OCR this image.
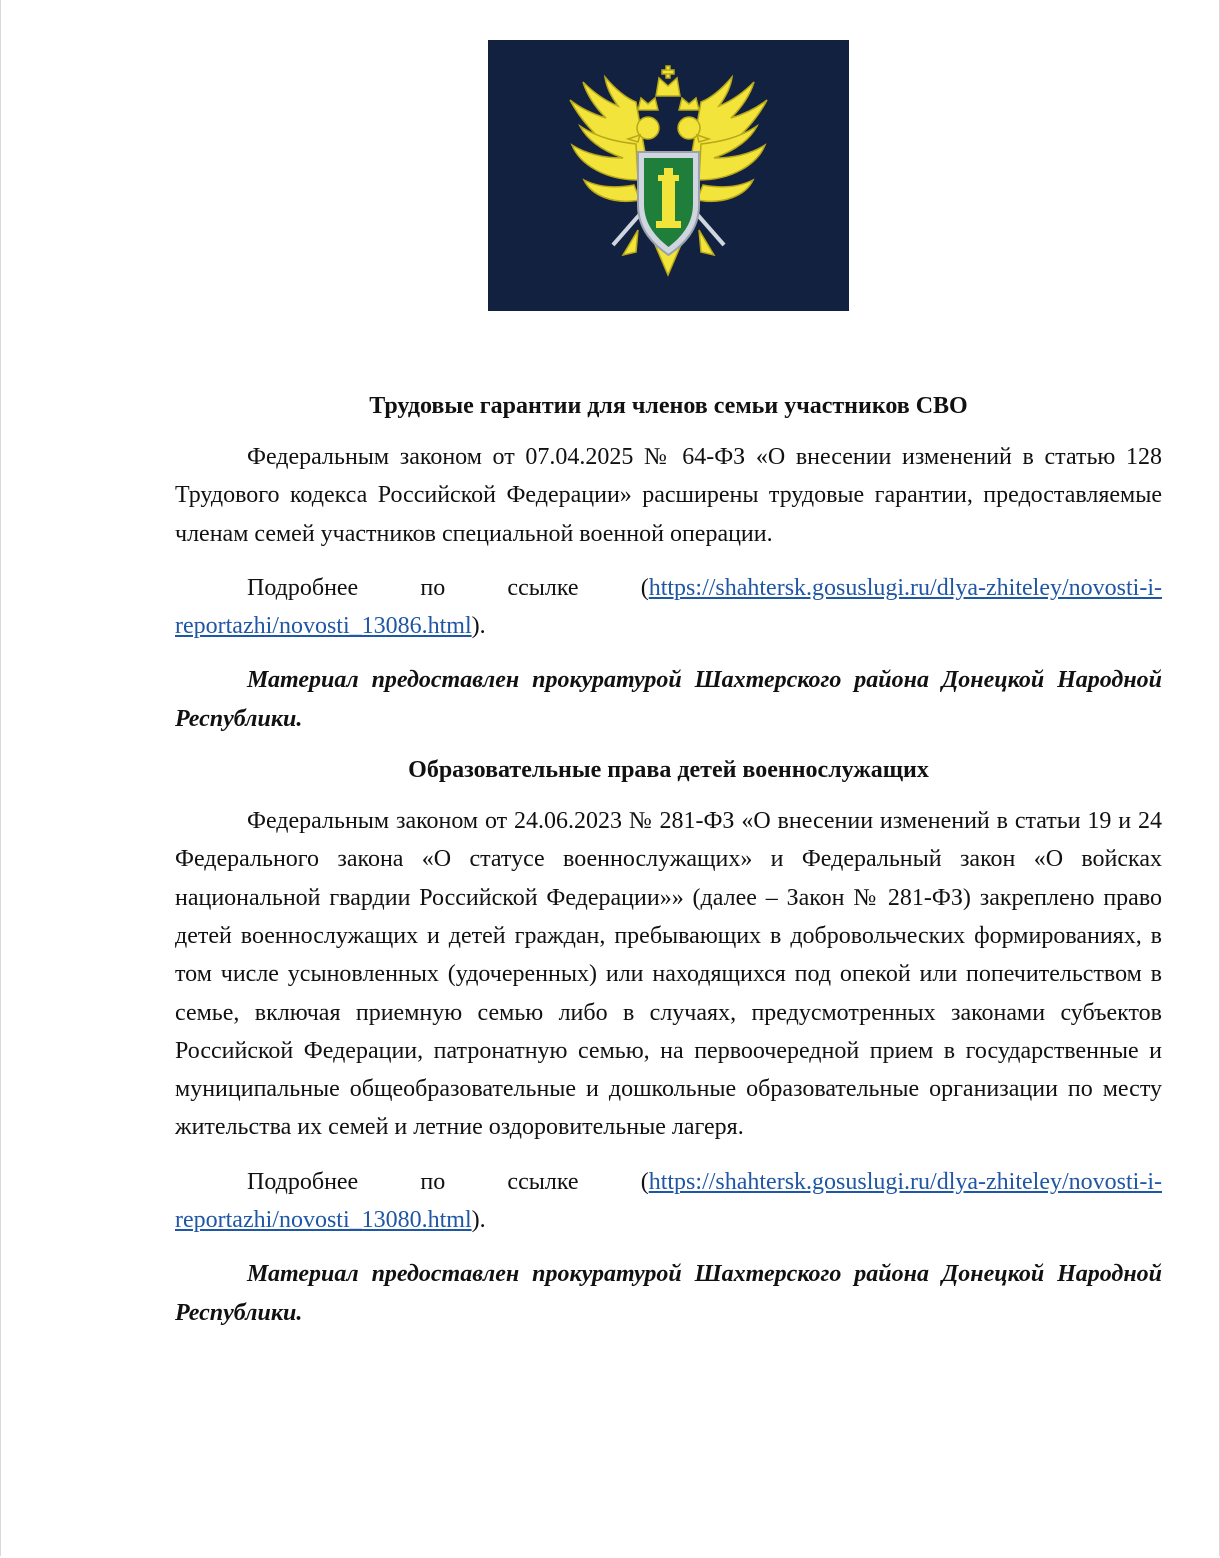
Трудовые гарантии для членов семьи участников СВО

Федеральным законом от 07.04.2025 № 64-ФЗ «О внесении изменений в статью 128 Трудового кодекса Российской Федерации» расширены трудовые гарантии, предоставляемые членам семей участников специальной военной операции.

Подробнее по ссылке (https://shahtersk.gosuslugi.ru/dlya-zhiteley/novosti-i-reportazhi/novosti_13086.html).

Материал предоставлен прокуратурой Шахтерского района Донецкой Народной Республики.

Образовательные права детей военнослужащих

Федеральным законом от 24.06.2023 № 281-ФЗ «О внесении изменений в статьи 19 и 24 Федерального закона «О статусе военнослужащих» и Федеральный закон «О войсках национальной гвардии Российской Федерации»» (далее – Закон № 281-ФЗ) закреплено право детей военнослужащих и детей граждан, пребывающих в добровольческих формированиях, в том числе усыновленных (удочеренных) или находящихся под опекой или попечительством в семье, включая приемную семью либо в случаях, предусмотренных законами субъектов Российской Федерации, патронатную семью, на первоочередной прием в государственные и муниципальные общеобразовательные и дошкольные образовательные организации по месту жительства их семей и летние оздоровительные лагеря.

Подробнее по ссылке (https://shahtersk.gosuslugi.ru/dlya-zhiteley/novosti-i-reportazhi/novosti_13080.html).

Материал предоставлен прокуратурой Шахтерского района Донецкой Народной Республики.
